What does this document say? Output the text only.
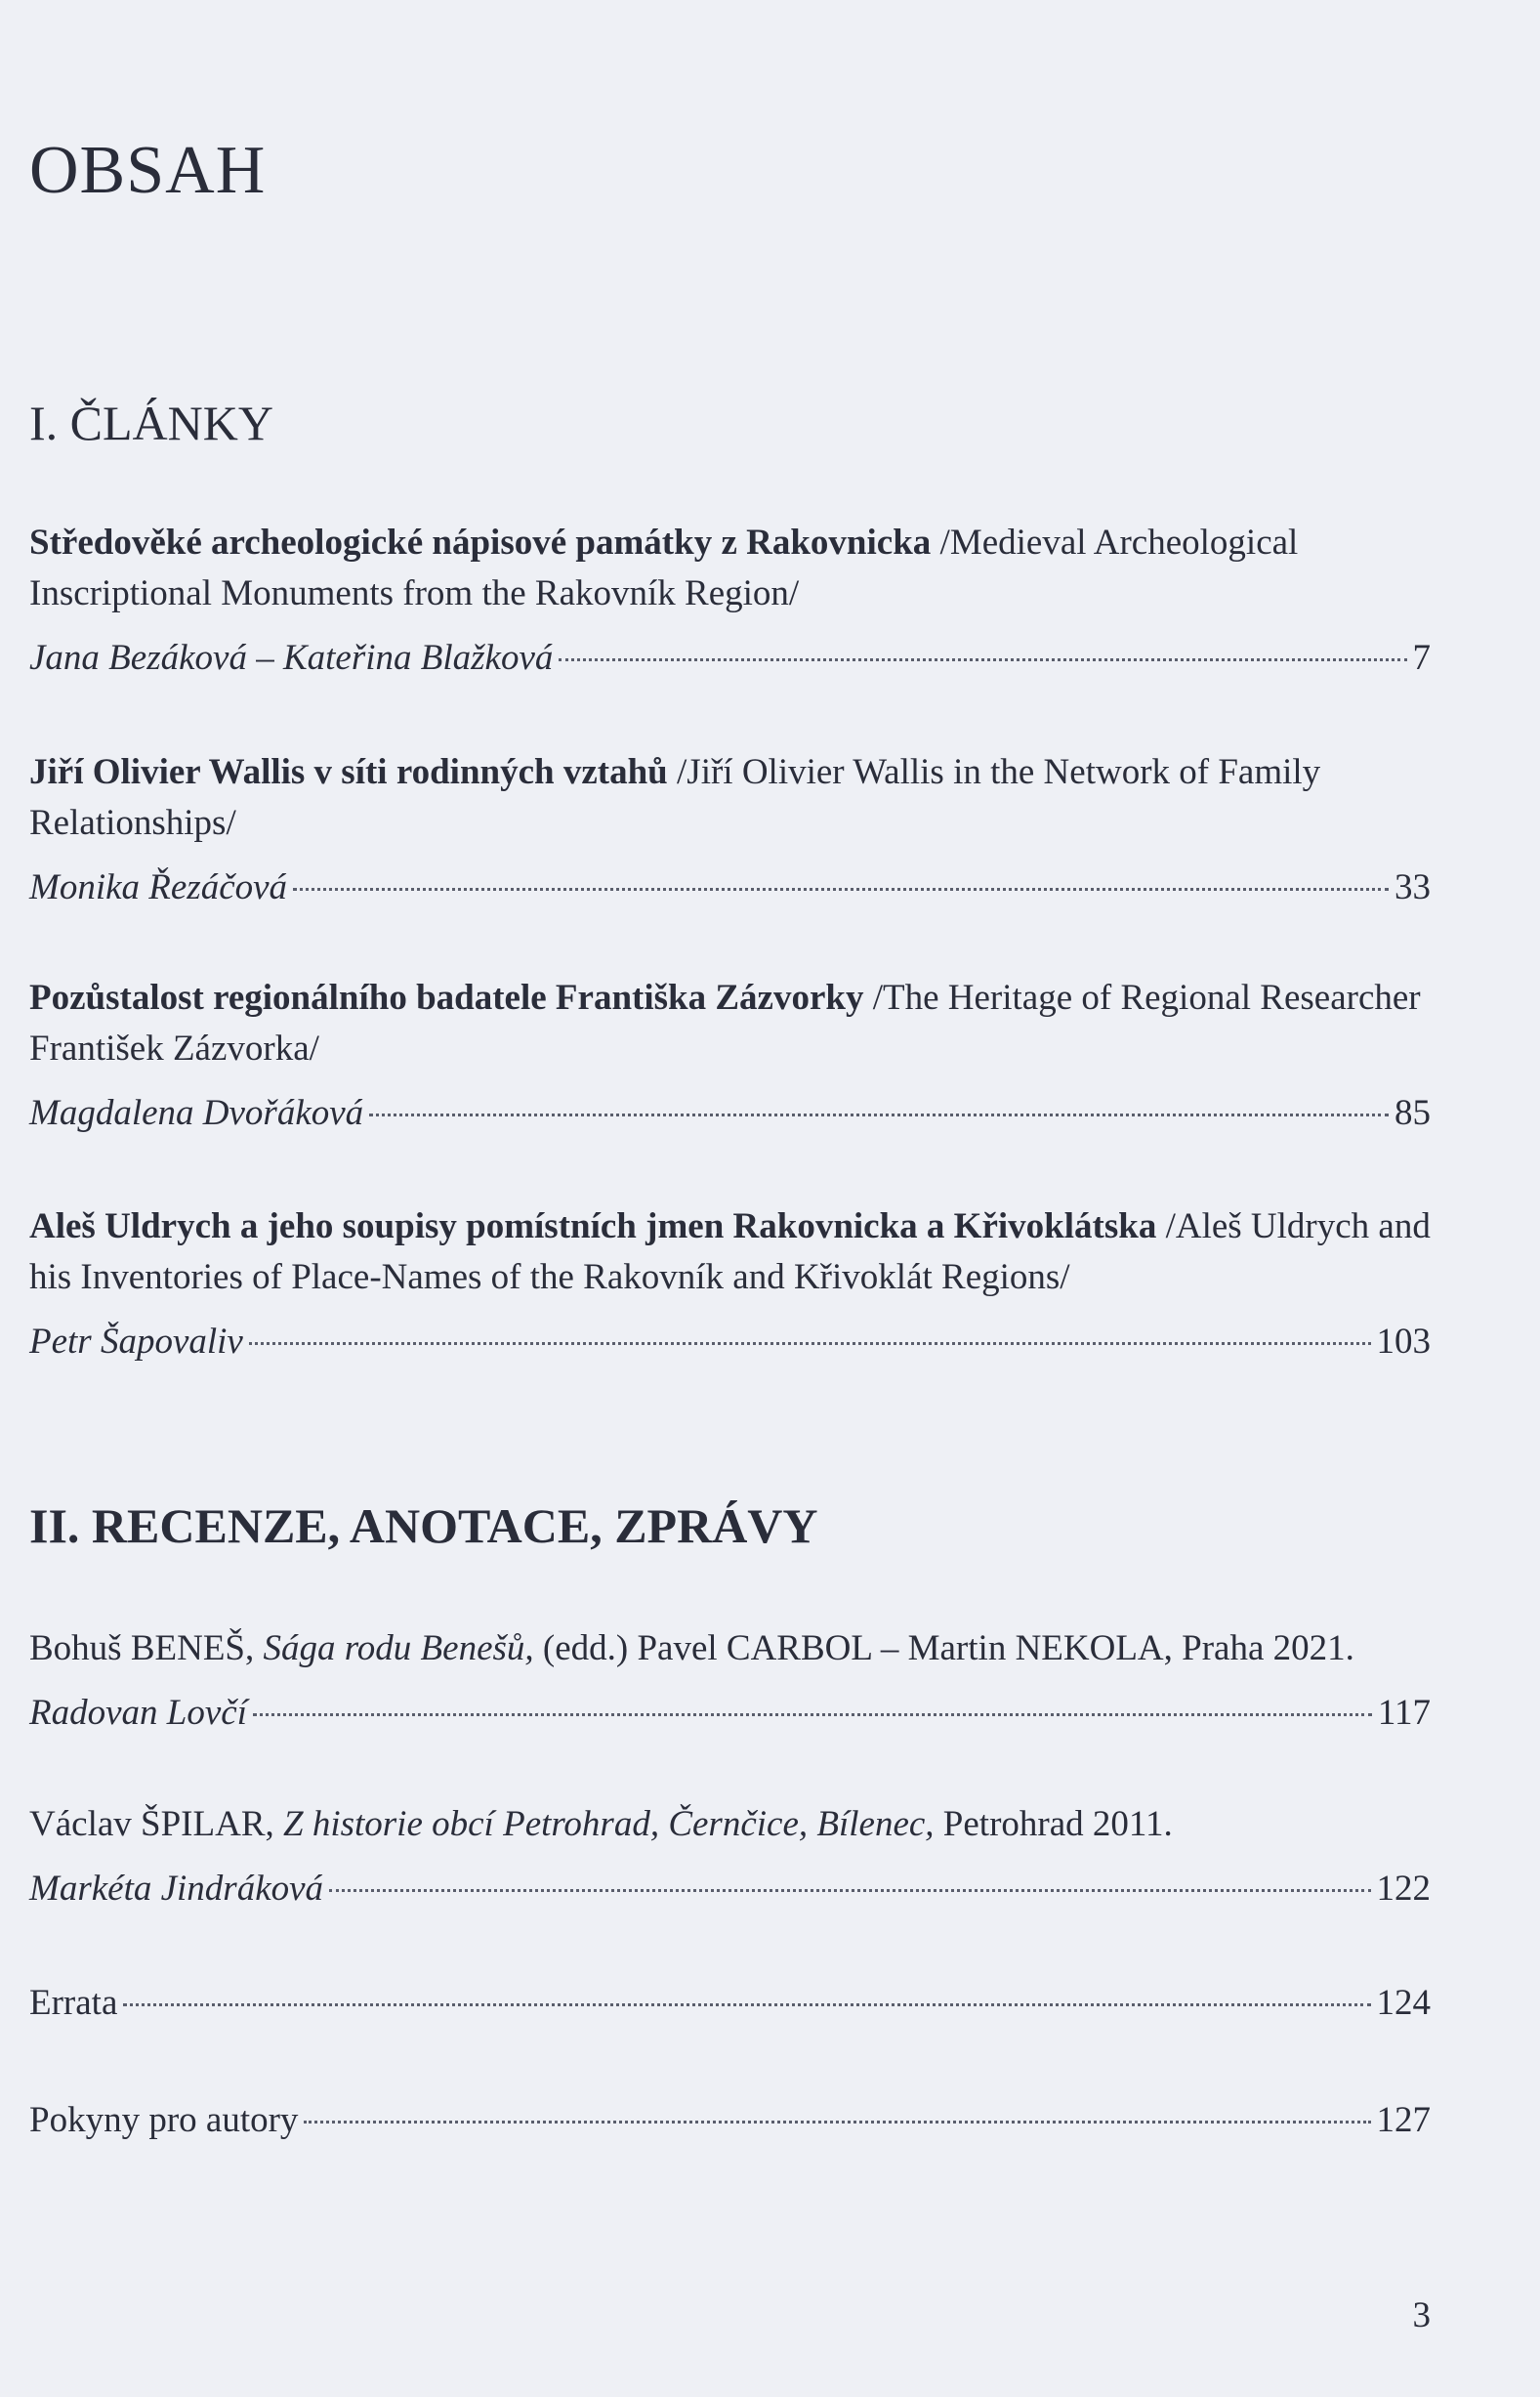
OBSAH
I. ČLÁNKY

Středověké archeologické nápisové památky z Rakovnicka /Medieval Archeological Inscriptional Monuments from the Rakovník Region/

Jana Bezáková – Kateřina Blažková	7

Jiří Olivier Wallis v síti rodinných vztahů /Jiří Olivier Wallis in the Network of Family Relationships/

Monika Řezáčová	33

Pozůstalost regionálního badatele Františka Zázvorky /The Heritage of Regional Researcher František Zázvorka/

Magdalena Dvořáková	85

Aleš Uldrych a jeho soupisy pomístních jmen Rakovnicka a Křivoklátska /Aleš Uldrych and his Inventories of Place-Names of the Rakovník and Křivoklát Regions/

Petr Šapovaliv	103
II. RECENZE, ANOTACE, ZPRÁVY

Bohuš BENEŠ, Sága rodu Benešů, (edd.) Pavel CARBOL – Martin NEKOLA, Praha 2021.

Radovan Lovčí	117

Václav ŠPILAR, Z historie obcí Petrohrad, Černčice, Bílenec, Petrohrad 2011.

Markéta Jindráková	122
Errata	124
Pokyny pro autory	127
3
